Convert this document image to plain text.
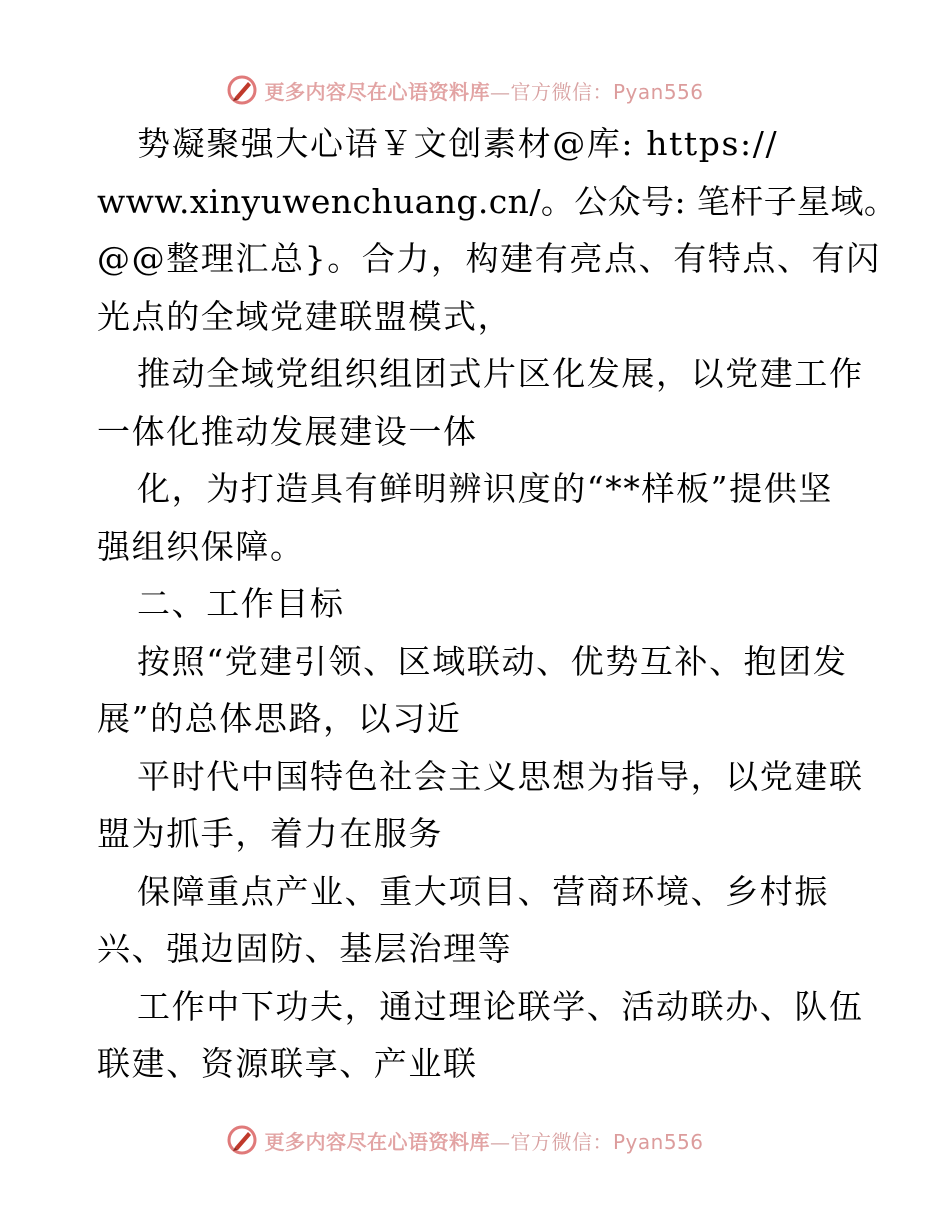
更多内容尽在心语资料库—官方微信：Pyan556
势凝聚强大心语￥文创素材@库: https://
www.xinyuwenchuang.cn/。公众号: 笔杆子星域。
@@整理汇总}。合力，构建有亮点、有特点、有闪
光点的全域党建联盟模式，
推动全域党组织组团式片区化发展，以党建工作
一体化推动发展建设一体
化，为打造具有鲜明辨识度的“**样板”提供坚
强组织保障。
二、工作目标
按照“党建引领、区域联动、优势互补、抱团发
展”的总体思路，以习近
平时代中国特色社会主义思想为指导，以党建联
盟为抓手，着力在服务
保障重点产业、重大项目、营商环境、乡村振
兴、强边固防、基层治理等
工作中下功夫，通过理论联学、活动联办、队伍
联建、资源联享、产业联
更多内容尽在心语资料库—官方微信：Pyan556
